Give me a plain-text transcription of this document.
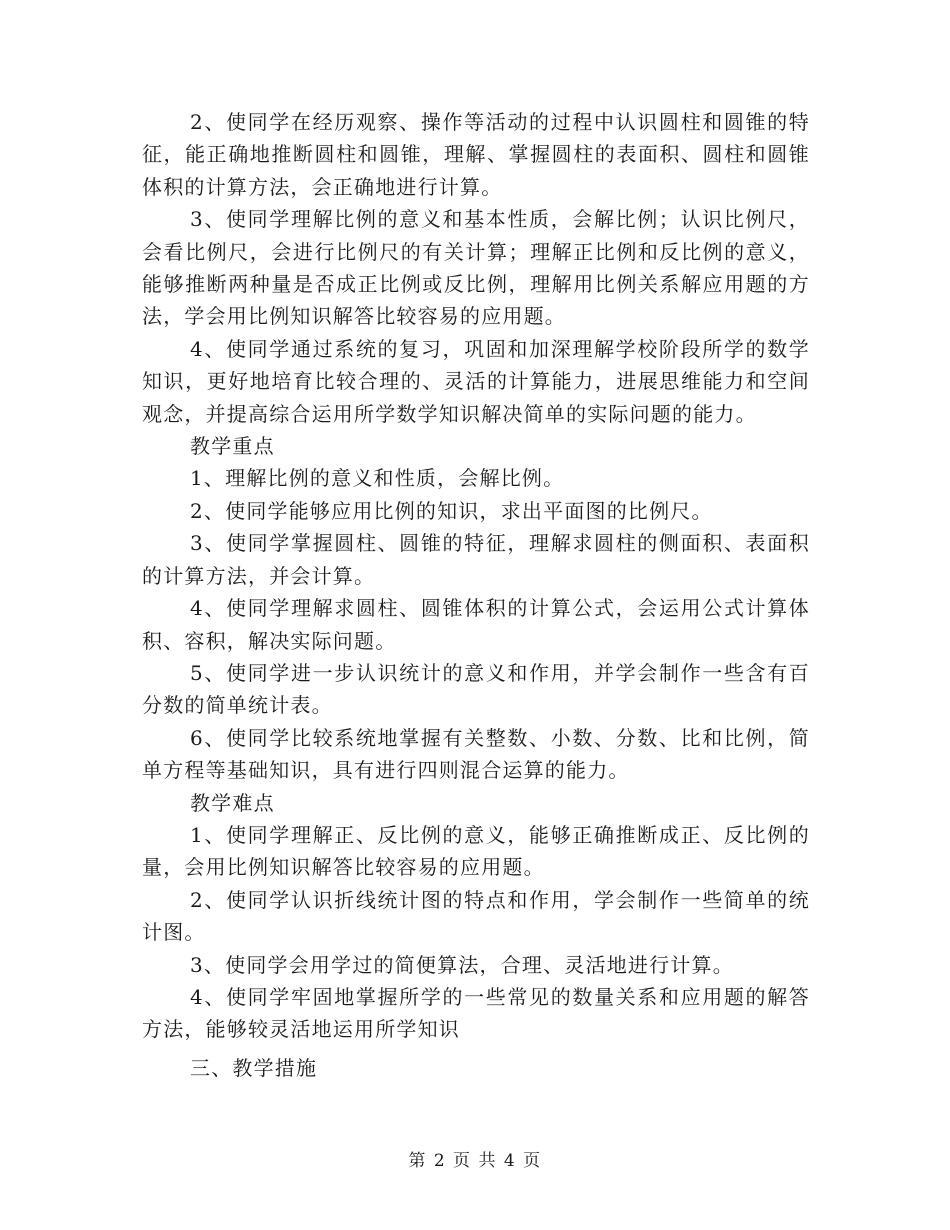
2、使同学在经历观察、操作等活动的过程中认识圆柱和圆锥的特征，能正确地推断圆柱和圆锥，理解、掌握圆柱的表面积、圆柱和圆锥体积的计算方法，会正确地进行计算。

3、使同学理解比例的意义和基本性质，会解比例；认识比例尺，会看比例尺，会进行比例尺的有关计算；理解正比例和反比例的意义，能够推断两种量是否成正比例或反比例，理解用比例关系解应用题的方法，学会用比例知识解答比较容易的应用题。

4、使同学通过系统的复习，巩固和加深理解学校阶段所学的数学知识，更好地培育比较合理的、灵活的计算能力，进展思维能力和空间观念，并提高综合运用所学数学知识解决简单的实际问题的能力。

教学重点

1、理解比例的意义和性质，会解比例。

2、使同学能够应用比例的知识，求出平面图的比例尺。

3、使同学掌握圆柱、圆锥的特征，理解求圆柱的侧面积、表面积的计算方法，并会计算。

4、使同学理解求圆柱、圆锥体积的计算公式，会运用公式计算体积、容积，解决实际问题。

5、使同学进一步认识统计的意义和作用，并学会制作一些含有百分数的简单统计表。

6、使同学比较系统地掌握有关整数、小数、分数、比和比例，简单方程等基础知识，具有进行四则混合运算的能力。

教学难点

1、使同学理解正、反比例的意义，能够正确推断成正、反比例的量，会用比例知识解答比较容易的应用题。

2、使同学认识折线统计图的特点和作用，学会制作一些简单的统计图。

3、使同学会用学过的简便算法，合理、灵活地进行计算。

4、使同学牢固地掌握所学的一些常见的数量关系和应用题的解答方法，能够较灵活地运用所学知识

三、教学措施

第 2 页 共 4 页
